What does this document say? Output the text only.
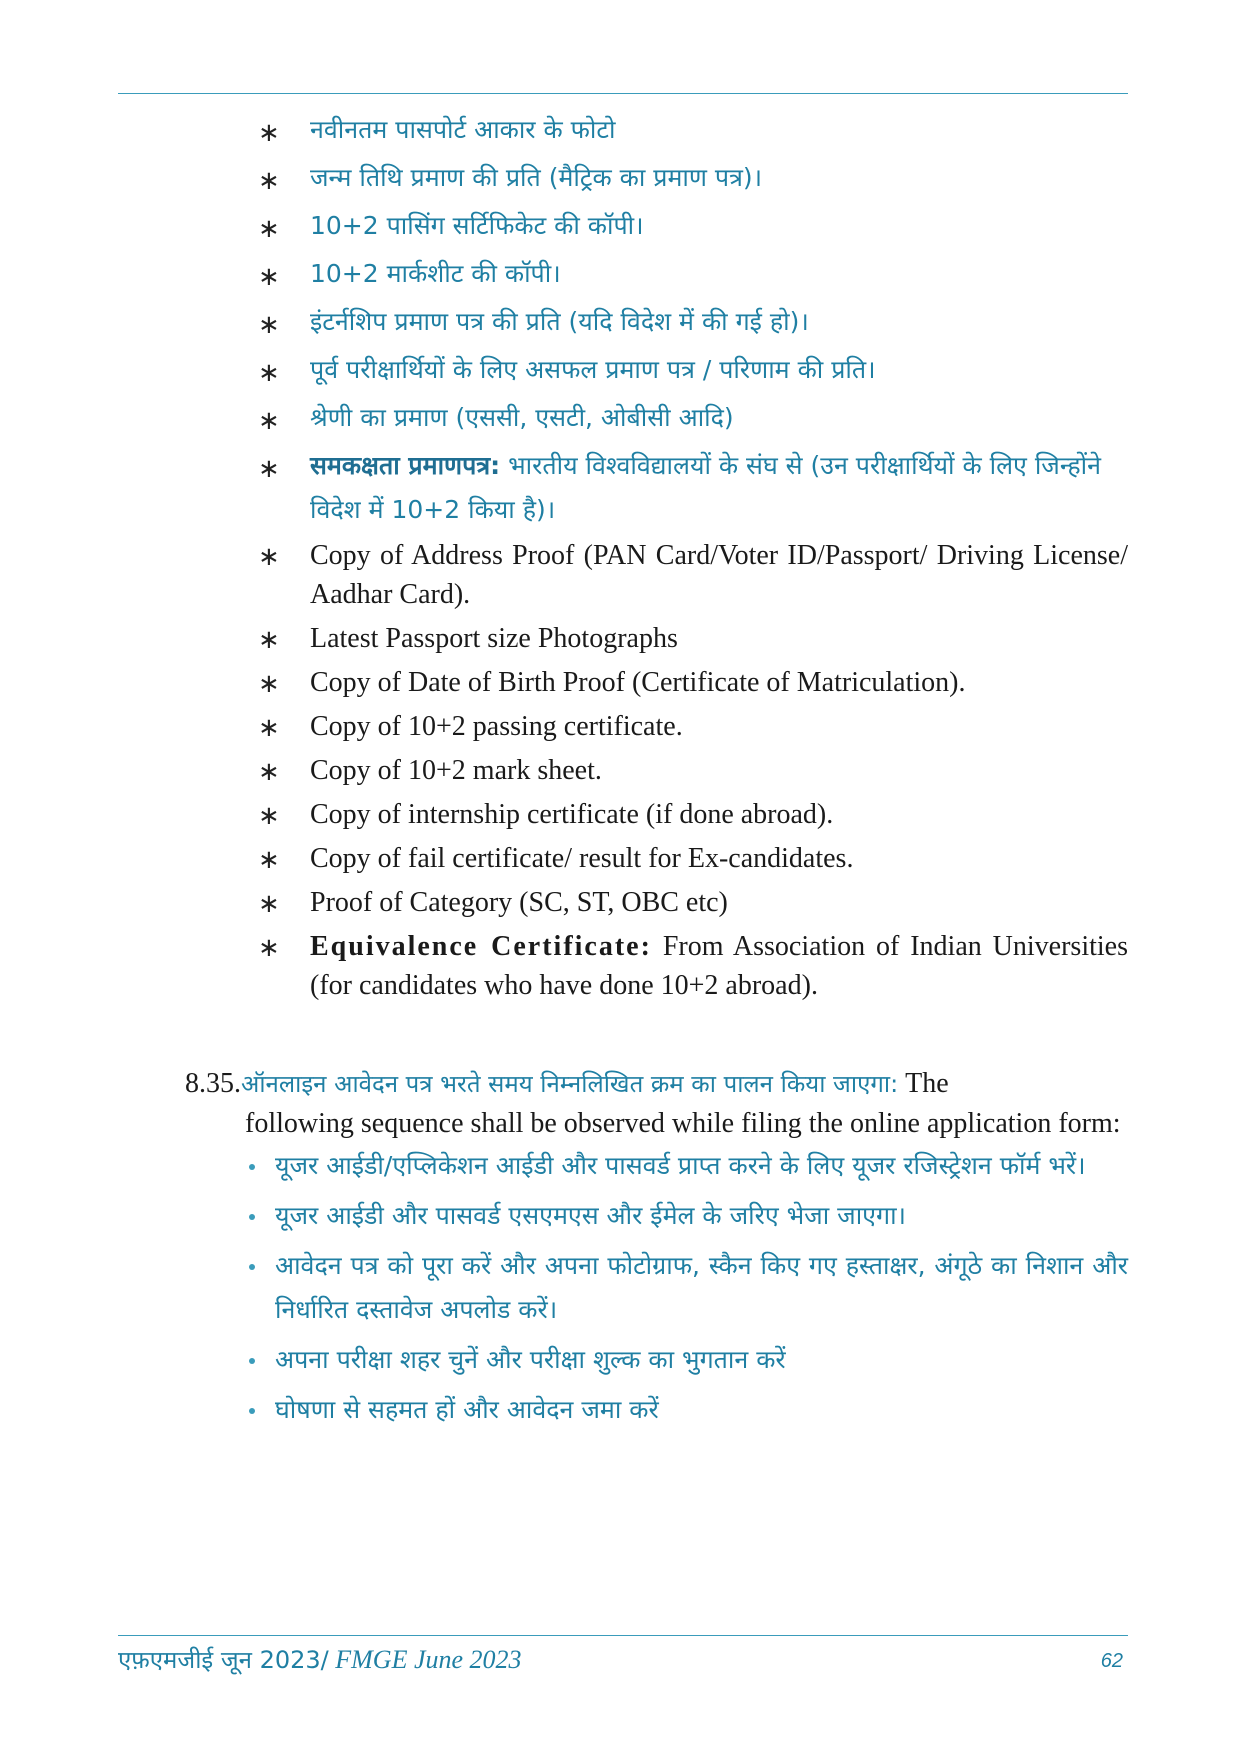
∗ नवीनतम पासपोर्ट आकार के फोटो
∗ जन्म तिथि प्रमाण की प्रति (मैट्रिक का प्रमाण पत्र)।
∗ 10+2 पासिंग सर्टिफिकेट की कॉपी।
∗ 10+2 मार्कशीट की कॉपी।
∗ इंटर्नशिप प्रमाण पत्र की प्रति (यदि विदेश में की गई हो)।
∗ पूर्व परीक्षार्थियों के लिए असफल प्रमाण पत्र / परिणाम की प्रति।
∗ श्रेणी का प्रमाण (एससी, एसटी, ओबीसी आदि)
∗ समकक्षता प्रमाणपत्र: भारतीय विश्वविद्यालयों के संघ से (उन परीक्षार्थियों के लिए जिन्होंने विदेश में 10+2 किया है)।
∗ Copy of Address Proof (PAN Card/Voter ID/Passport/ Driving License/ Aadhar Card).
∗ Latest Passport size Photographs
∗ Copy of Date of Birth Proof (Certificate of Matriculation).
∗ Copy of 10+2 passing certificate.
∗ Copy of 10+2 mark sheet.
∗ Copy of internship certificate (if done abroad).
∗ Copy of fail certificate/ result for Ex-candidates.
∗ Proof of Category (SC, ST, OBC etc)
∗ Equivalence Certificate: From Association of Indian Universities (for candidates who have done 10+2 abroad).
8.35.ऑनलाइन आवेदन पत्र भरते समय निम्नलिखित क्रम का पालन किया जाएगा: The
following sequence shall be observed while filing the online application form:
यूजर आईडी/एप्लिकेशन आईडी और पासवर्ड प्राप्त करने के लिए यूजर रजिस्ट्रेशन फॉर्म भरें।
यूजर आईडी और पासवर्ड एसएमएस और ईमेल के जरिए भेजा जाएगा।
आवेदन पत्र को पूरा करें और अपना फोटोग्राफ, स्कैन किए गए हस्ताक्षर, अंगूठे का निशान और निर्धारित दस्तावेज अपलोड करें।
अपना परीक्षा शहर चुनें और परीक्षा शुल्क का भुगतान करें
घोषणा से सहमत हों और आवेदन जमा करें
एफ़एमजीई जून 2023/ FMGE June 2023	62
